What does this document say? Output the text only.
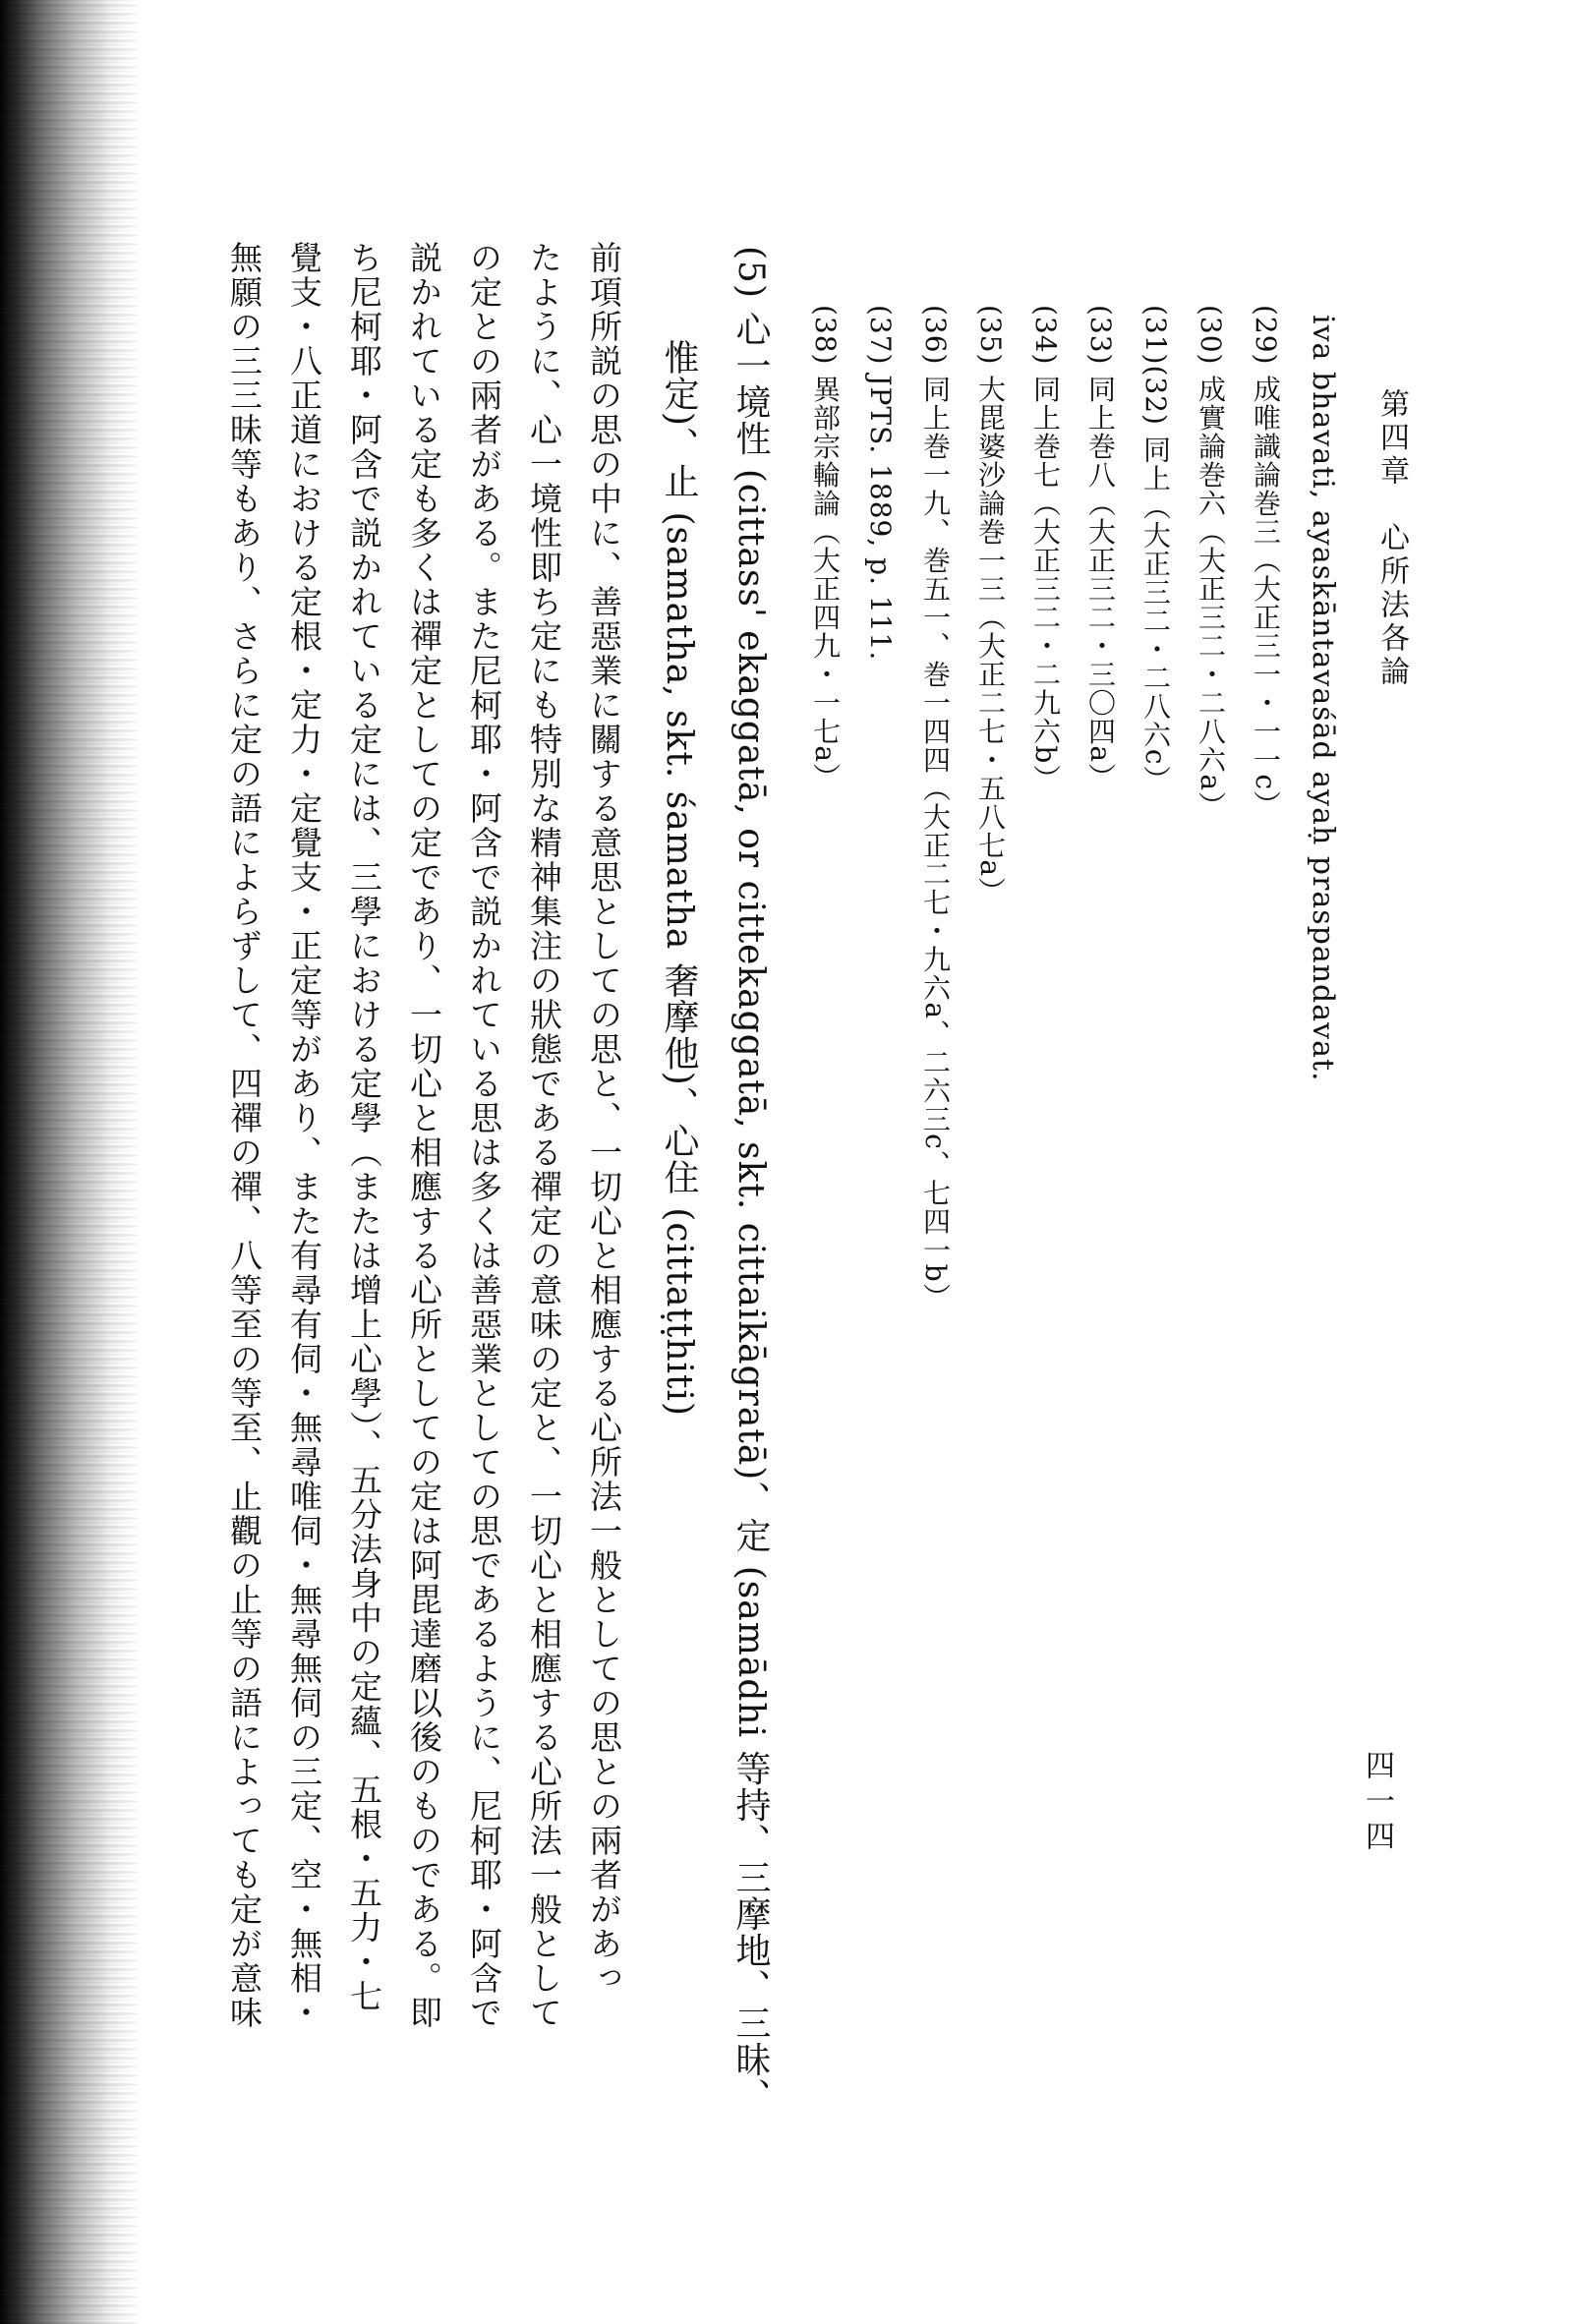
第四章　心所法各論
四一四
iva bhavati, ayaskāntavaśād ayaḥ praspandavat.
(29) 成唯識論巻三（大正三一・一一c）
(30) 成實論巻六（大正三二・二八六a）
(31)(32) 同上（大正三二・二八六c）
(33) 同上巻八（大正三二・三〇四a）
(34) 同上巻七（大正三二・二九六b）
(35) 大毘婆沙論巻一三（大正二七・五八七a）
(36) 同上巻一九、巻五一、巻一四四（大正二七・九六a、二六三c、七四一b）
(37) JPTS. 1889, p. 111.
(38) 異部宗輪論（大正四九・一七a）
(5) 心一境性 (cittass' ekaggatā, or cittekaggatā, skt. cittaikāgratā)、定 (samādhi 等持、三摩地、三昧、
惟定)、止 (samatha, skt. śamatha 奢摩他)、心住 (cittaṭṭhiti)
前項所説の思の中に、善惡業に關する意思としての思と、一切心と相應する心所法一般としての思との兩者があっ
たように、心一境性即ち定にも特別な精神集注の狀態である禪定の意味の定と、一切心と相應する心所法一般として
の定との兩者がある。また尼柯耶・阿含で説かれている思は多くは善惡業としての思であるように、尼柯耶・阿含で
説かれている定も多くは禪定としての定であり、一切心と相應する心所としての定は阿毘達磨以後のものである。即
ち尼柯耶・阿含で説かれている定には、三學における定學（または增上心學）、五分法身中の定蘊、五根・五力・七
覺支・八正道における定根・定力・定覺支・正定等があり、また有尋有伺・無尋唯伺・無尋無伺の三定、空・無相・
無願の三三昧等もあり、さらに定の語によらずして、四禪の禪、八等至の等至、止觀の止等の語によっても定が意味
